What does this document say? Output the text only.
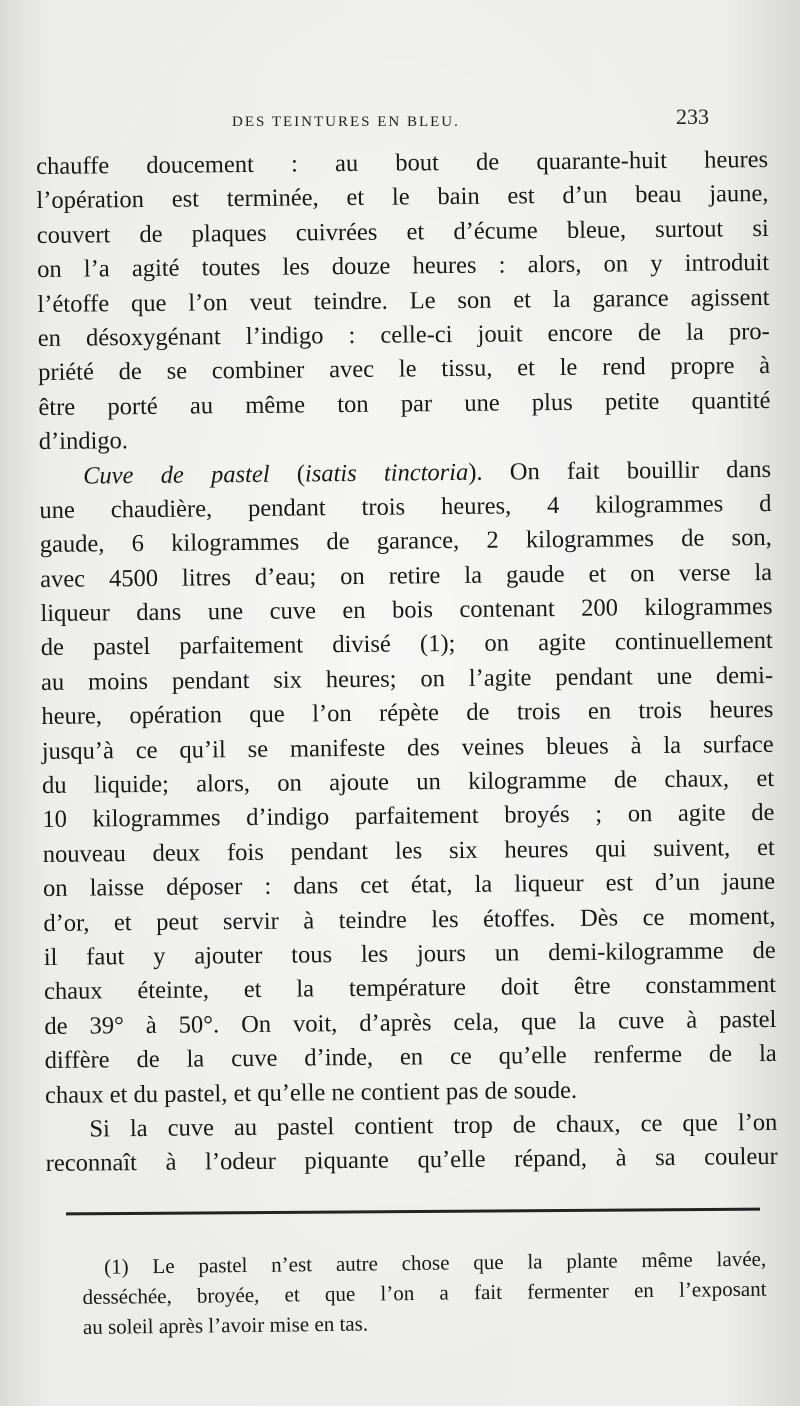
DES TEINTURES EN BLEU.	233
chauffe doucement : au bout de quarante-huit heures
l’opération est terminée, et le bain est d’un beau jaune,
couvert de plaques cuivrées et d’écume bleue, surtout si
on l’a agité toutes les douze heures : alors, on y introduit
l’étoffe que l’on veut teindre. Le son et la garance agissent
en désoxygénant l’indigo : celle-ci jouit encore de la pro-
priété de se combiner avec le tissu, et le rend propre à
être porté au même ton par une plus petite quantité
d’indigo.
Cuve de pastel (isatis tinctoria). On fait bouillir dans
une chaudière, pendant trois heures, 4 kilogrammes d
gaude, 6 kilogrammes de garance, 2 kilogrammes de son,
avec 4500 litres d’eau; on retire la gaude et on verse la
liqueur dans une cuve en bois contenant 200 kilogrammes
de pastel parfaitement divisé (1); on agite continuellement
au moins pendant six heures; on l’agite pendant une demi-
heure, opération que l’on répète de trois en trois heures
jusqu’à ce qu’il se manifeste des veines bleues à la surface
du liquide; alors, on ajoute un kilogramme de chaux, et
10 kilogrammes d’indigo parfaitement broyés ; on agite de
nouveau deux fois pendant les six heures qui suivent, et
on laisse déposer : dans cet état, la liqueur est d’un jaune
d’or, et peut servir à teindre les étoffes. Dès ce moment,
il faut y ajouter tous les jours un demi-kilogramme de
chaux éteinte, et la température doit être constamment
de 39° à 50°. On voit, d’après cela, que la cuve à pastel
diffère de la cuve d’inde, en ce qu’elle renferme de la
chaux et du pastel, et qu’elle ne contient pas de soude.
Si la cuve au pastel contient trop de chaux, ce que l’on
reconnaît à l’odeur piquante qu’elle répand, à sa couleur
(1) Le pastel n’est autre chose que la plante même lavée,
desséchée, broyée, et que l’on a fait fermenter en l’exposant
au soleil après l’avoir mise en tas.
